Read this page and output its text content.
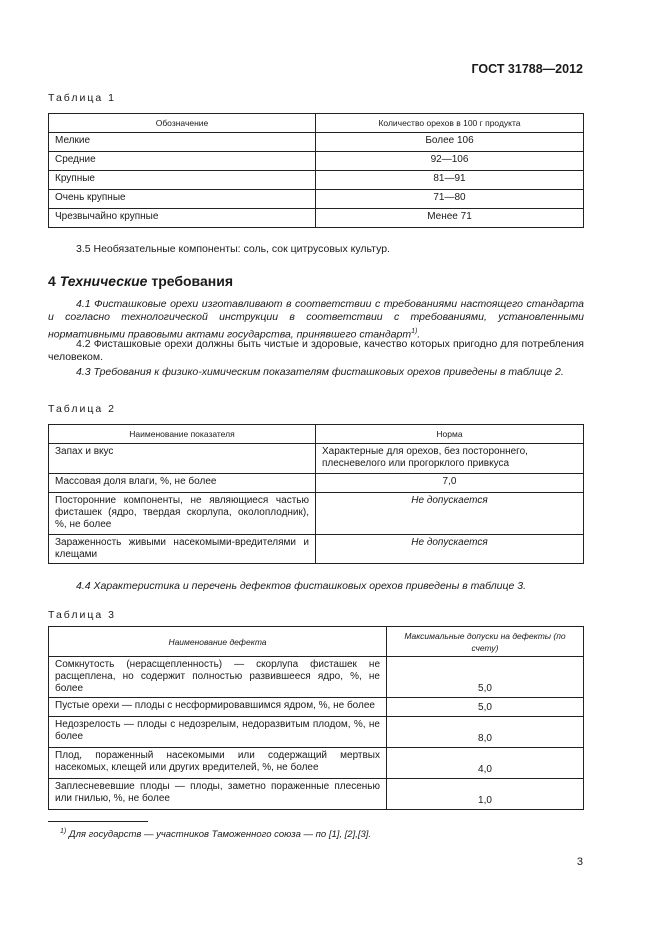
ГОСТ 31788—2012
Таблица 1
Обозначение	Количество орехов в 100 г продукта
Мелкие	Более 106
Средние	92—106
Крупные	81—91
Очень крупные	71—80
Чрезвычайно крупные	Менее 71

3.5 Необязательные компоненты: соль, сок цитрусовых культур.

4 Технические требования

4.1 Фисташковые орехи изготавливают в соответствии с требованиями настоящего стандарта и согласно технологической инструкции в соответствии с требованиями, установленными нормативными правовыми актами государства, принявшего стандарт$^{1)}$.

4.2 Фисташковые орехи должны быть чистые и здоровые, качество которых пригодно для потребления человеком.

4.3 Требования к физико-химическим показателям фисташковых орехов приведены в таблице 2.

Таблица 2
Наименование показателя	Норма
Запах и вкус	Характерные для орехов, без постороннего, плесневелого или прогорклого привкуса
Массовая доля влаги, %, не более	7,0
Посторонние компоненты, не являющиеся частью фисташек (ядро, твердая скорлупа, околоплодник), %, не более	Не допускается
Зараженность живыми насекомыми-вредителями и клещами	Не допускается

4.4 Характеристика и перечень дефектов фисташковых орехов приведены в таблице 3.

Таблица 3
Наименование дефекта	Максимальные допуски на дефекты (по счету)
Сомкнутость (нерасщепленность) — скорлупа фисташек не расщеплена, но содержит полностью развившееся ядро, %, не более	5,0
Пустые орехи — плоды с несформировавшимся ядром, %, не более	5,0
Недозрелость — плоды с недозрелым, недоразвитым плодом, %, не более	8,0
Плод, пораженный насекомыми или содержащий мертвых насекомых, клещей или других вредителей, %, не более	4,0
Заплесневевшие плоды — плоды, заметно пораженные плесенью или гнилью, %, не более	1,0
$^{1)}$ Для государств — участников Таможенного союза — по [1], [2],[3].
3
